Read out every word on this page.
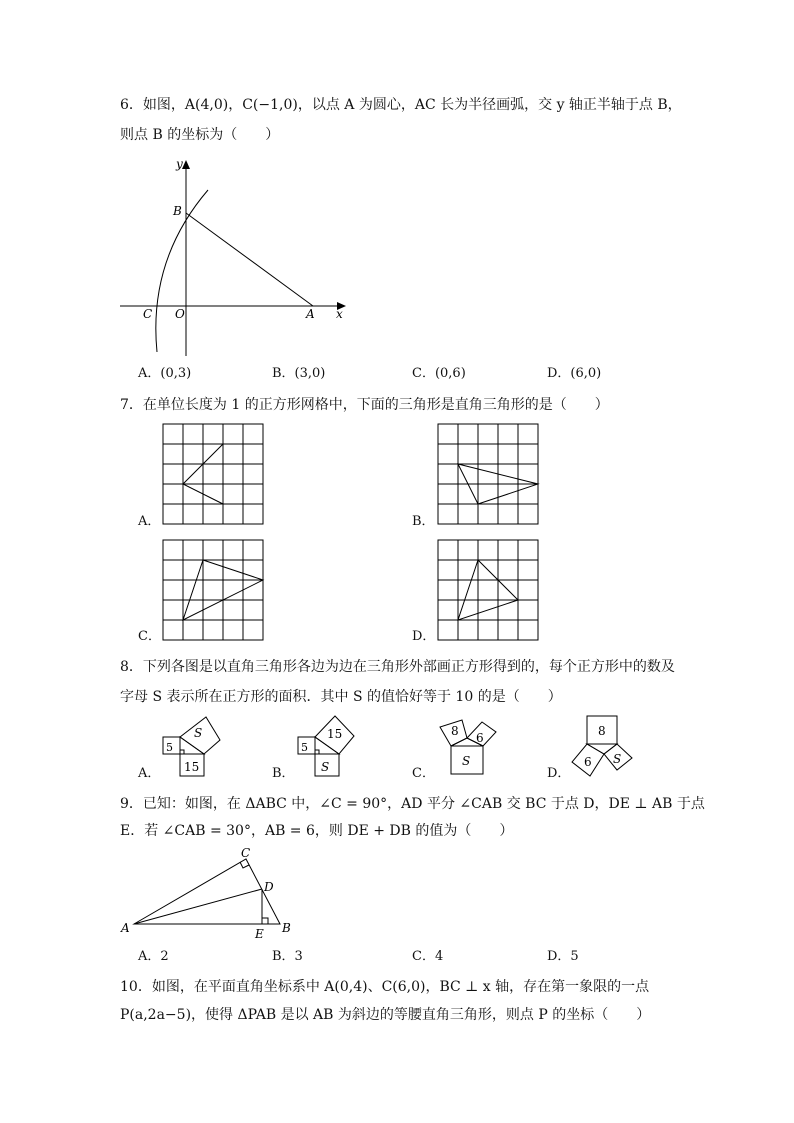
6．如图，A(4,0)，C(−1,0)，以点 A 为圆心，AC 长为半径画弧，交 y 轴正半轴于点 B，
则点 B 的坐标为（　　）
y
x
B
C O	A
A．(0,3)	B．(3,0)	C．(0,6)	D．(6,0)
7．在单位长度为 1 的正方形网格中，下面的三角形是直角三角形的是（　　）
A．	B．
C．	D．
8．下列各图是以直角三角形各边为边在三角形外部画正方形得到的，每个正方形中的数及
字母 S 表示所在正方形的面积．其中 S 的值恰好等于 10 的是（　　）
5
S
15
5
15
S
8 6
S
8
6 S
A．	B．	C．	D．
9．已知：如图，在 ΔABC 中，∠C = 90°，AD 平分 ∠CAB 交 BC 于点 D，DE ⊥ AB 于点
E．若 ∠CAB = 30°，AB = 6，则 DE + DB 的值为（　　）
C
D
A	E B
A．2	B．3	C．4	D．5
10．如图，在平面直角坐标系中 A(0,4)、C(6,0)，BC ⊥ x 轴，存在第一象限的一点
P(a,2a−5)，使得 ΔPAB 是以 AB 为斜边的等腰直角三角形，则点 P 的坐标（　　）
